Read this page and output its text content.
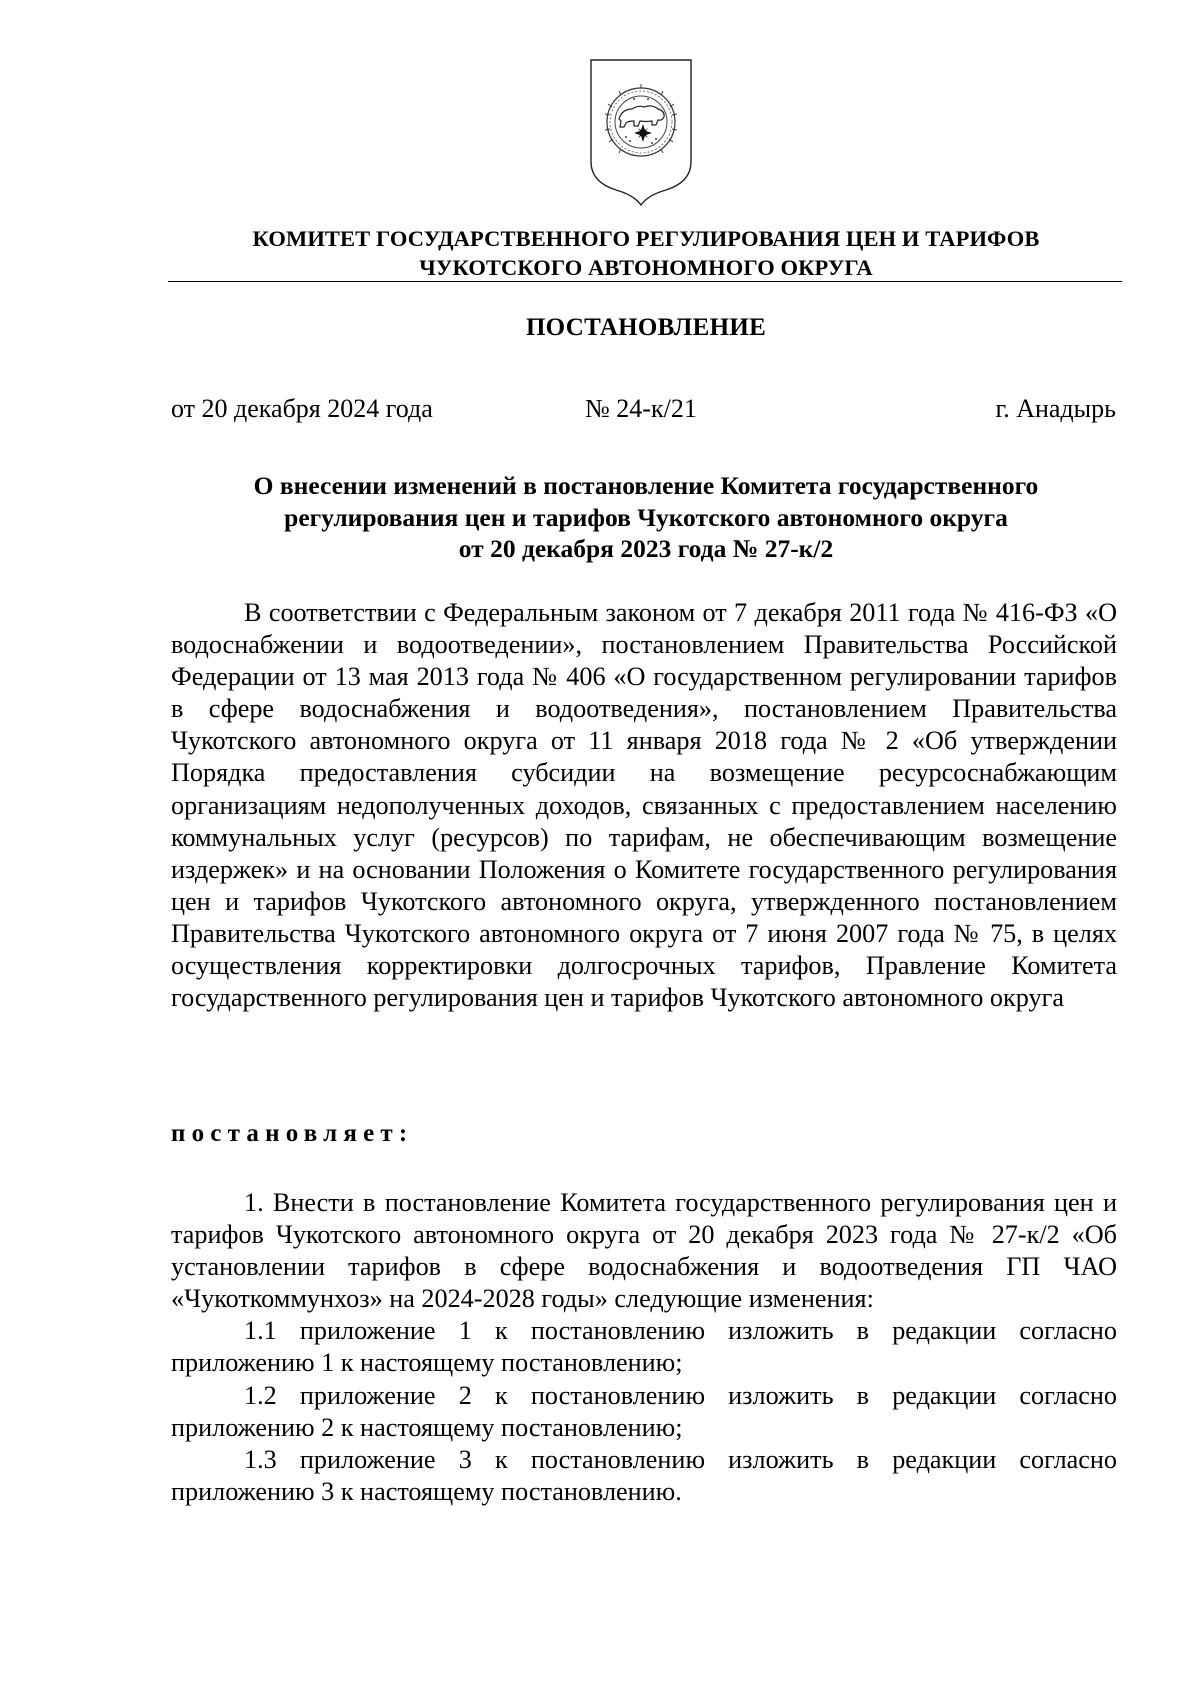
КОМИТЕТ ГОСУДАРСТВЕННОГО РЕГУЛИРОВАНИЯ ЦЕН И ТАРИФОВ
ЧУКОТСКОГО АВТОНОМНОГО ОКРУГА
ПОСТАНОВЛЕНИЕ
от 20 декабря 2024 года	№ 24-к/21	г. Анадырь
О внесении изменений в постановление Комитета государственного
регулирования цен и тарифов Чукотского автономного округа
от 20 декабря 2023 года № 27-к/2

В соответствии с Федеральным законом от 7 декабря 2011 года № 416-ФЗ «О водоснабжении и водоотведении», постановлением Правительства Российской Федерации от 13 мая 2013 года № 406 «О государственном регулировании тарифов в сфере водоснабжения и водоотведения», постановлением Правительства Чукотского автономного округа от 11 января 2018 года № 2 «Об утверждении Порядка предоставления субсидии на возмещение ресурсоснабжающим организациям недополученных доходов, связанных с предоставлением населению коммунальных услуг (ресурсов) по тарифам, не обеспечивающим возмещение издержек» и на основании Положения о Комитете государственного регулирования цен и тарифов Чукотского автономного округа, утвержденного постановлением Правительства Чукотского автономного округа от 7 июня 2007 года № 75, в целях осуществления корректировки долгосрочных тарифов, Правление Комитета государственного регулирования цен и тарифов Чукотского автономного округа

постановляет:

1. Внести в постановление Комитета государственного регулирования цен и тарифов Чукотского автономного округа от 20 декабря 2023 года № 27-к/2 «Об установлении тарифов в сфере водоснабжения и водоотведения ГП ЧАО «Чукоткоммунхоз» на 2024-2028 годы» следующие изменения:

1.1 приложение 1 к постановлению изложить в редакции согласно приложению 1 к настоящему постановлению;

1.2 приложение 2 к постановлению изложить в редакции согласно приложению 2 к настоящему постановлению;

1.3 приложение 3 к постановлению изложить в редакции согласно приложению 3 к настоящему постановлению.
